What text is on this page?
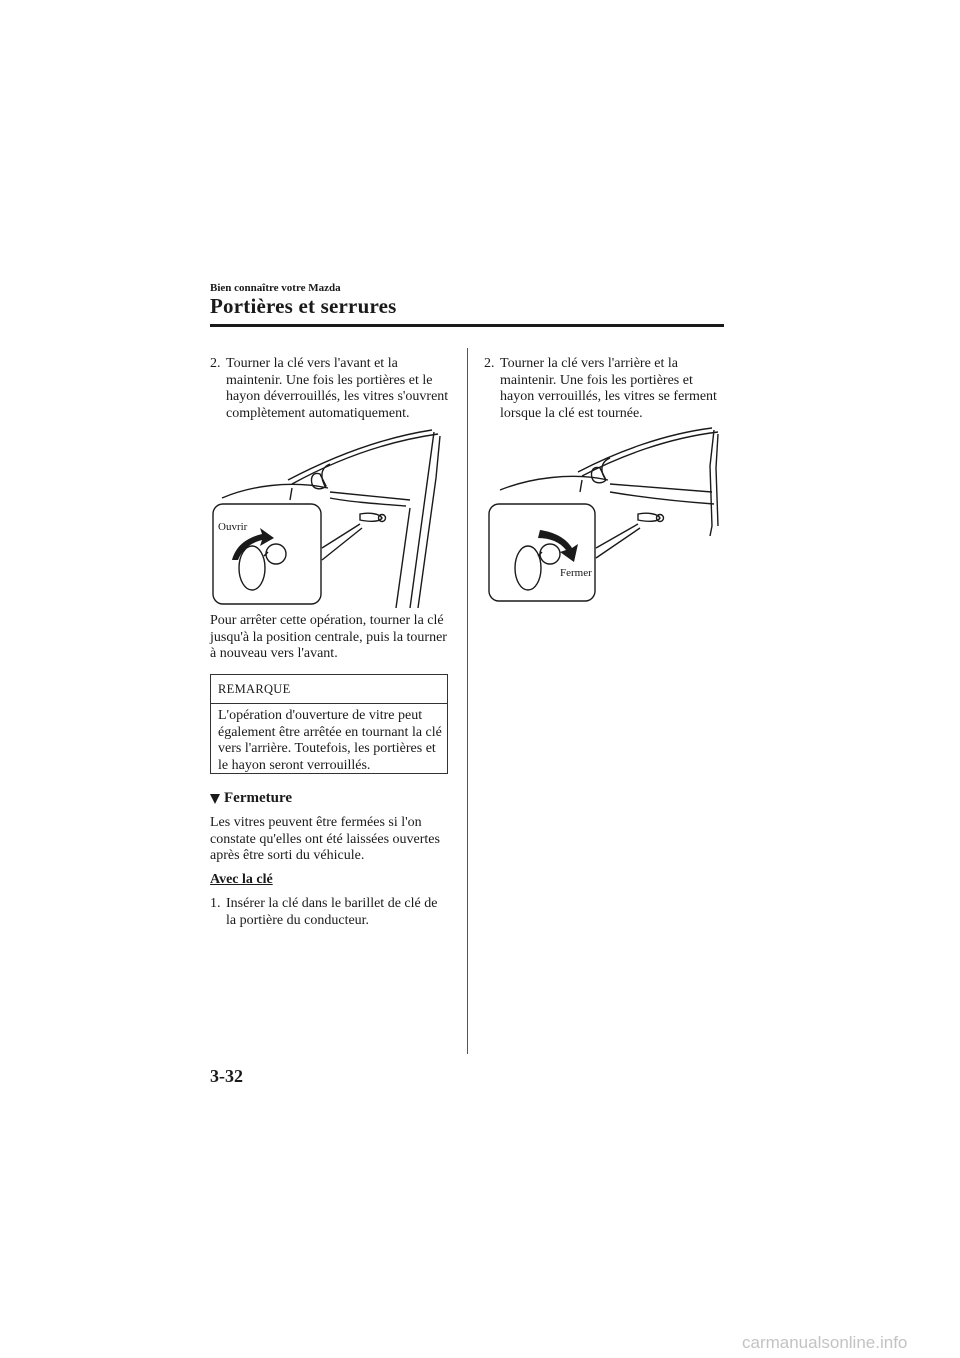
Bien connaître votre Mazda
Portières et serrures
2. Tourner la clé vers l'avant et la maintenir. Une fois les portières et le hayon déverrouillés, les vitres s'ouvrent complètement automatiquement.
Ouvrir
Pour arrêter cette opération, tourner la clé jusqu'à la position centrale, puis la tourner à nouveau vers l'avant.
REMARQUE
L'opération d'ouverture de vitre peut également être arrêtée en tournant la clé vers l'arrière. Toutefois, les portières et le hayon seront verrouillés.
Fermeture
Les vitres peuvent être fermées si l'on constate qu'elles ont été laissées ouvertes après être sorti du véhicule.
Avec la clé
1. Insérer la clé dans le barillet de clé de la portière du conducteur.
2. Tourner la clé vers l'arrière et la maintenir. Une fois les portières et hayon verrouillés, les vitres se ferment lorsque la clé est tournée.
Fermer
3-32
carmanualsonline.info
